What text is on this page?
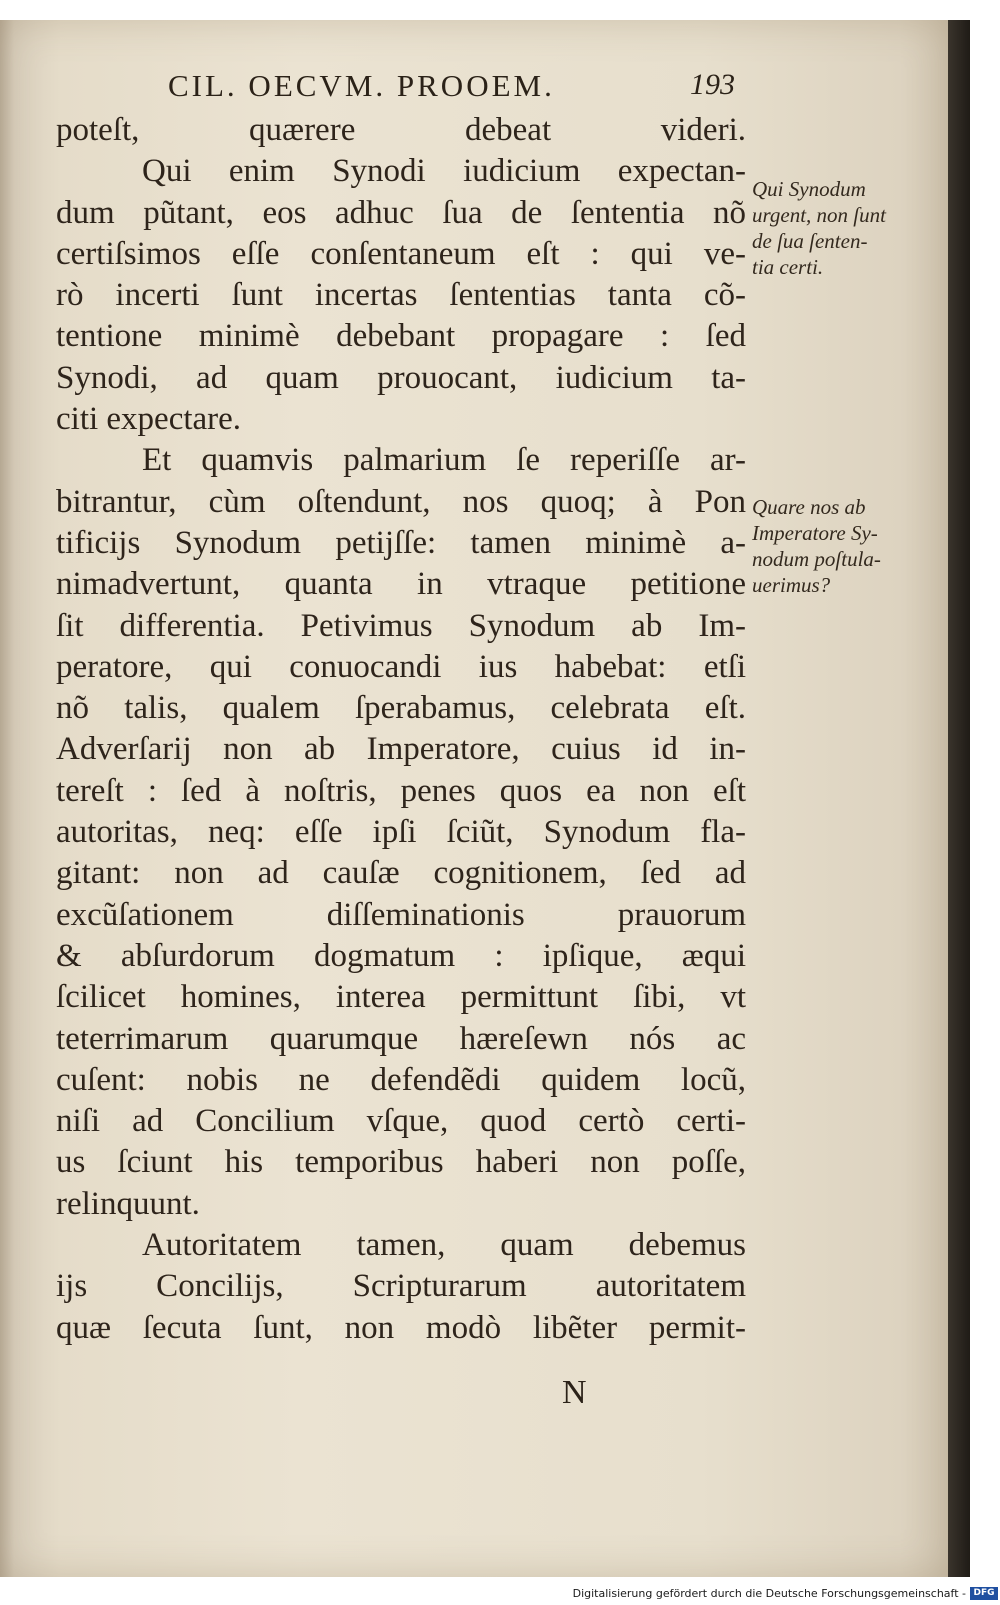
CIL. OECVM. PROOEM.	193
poteſt, quærere debeat videri.
Qui enim Synodi iudicium expectan-
dum pũtant, eos adhuc ſua de ſententia nõ
certiſsimos eſſe conſentaneum eſt : qui ve-
rò incerti ſunt incertas ſententias tanta cõ-
tentione minimè debebant propagare : ſed
Synodi, ad quam prouocant, iudicium ta-
citi expectare.
Et quamvis palmarium ſe reperiſſe ar-
bitrantur, cùm oſtendunt, nos quoq; à Pon
tificijs Synodum petijſſe: tamen minimè a-
nimadvertunt, quanta in vtraque petitione
ſit differentia. Petivimus Synodum ab Im-
peratore, qui conuocandi ius habebat: etſi
nõ talis, qualem ſperabamus, celebrata eſt.
Adverſarij non ab Imperatore, cuius id in-
tereſt : ſed à noſtris, penes quos ea non eſt
autoritas, neq: eſſe ipſi ſciũt, Synodum fla-
gitant: non ad cauſæ cognitionem, ſed ad
excũſationem diſſeminationis prauorum
& abſurdorum dogmatum : ipſique, æqui
ſcilicet homines, interea permittunt ſibi, vt
teterrimarum quarumque hæreſewn nós ac
cuſent: nobis ne defendẽdi quidem locũ,
niſi ad Concilium vſque, quod certò certi-
us ſciunt his temporibus haberi non poſſe,
relinquunt.
Autoritatem tamen, quam debemus
ijs Concilijs, Scripturarum autoritatem
quæ ſecuta ſunt, non modò libẽter permit-
Qui Synodum
urgent, non ſunt
de ſua ſenten-
tia certi.
Quare nos ab
Imperatore Sy-
nodum poſtula-
uerimus?
N
Digitalisierung gefördert durch die Deutsche Forschungsgemeinschaft - DFG
